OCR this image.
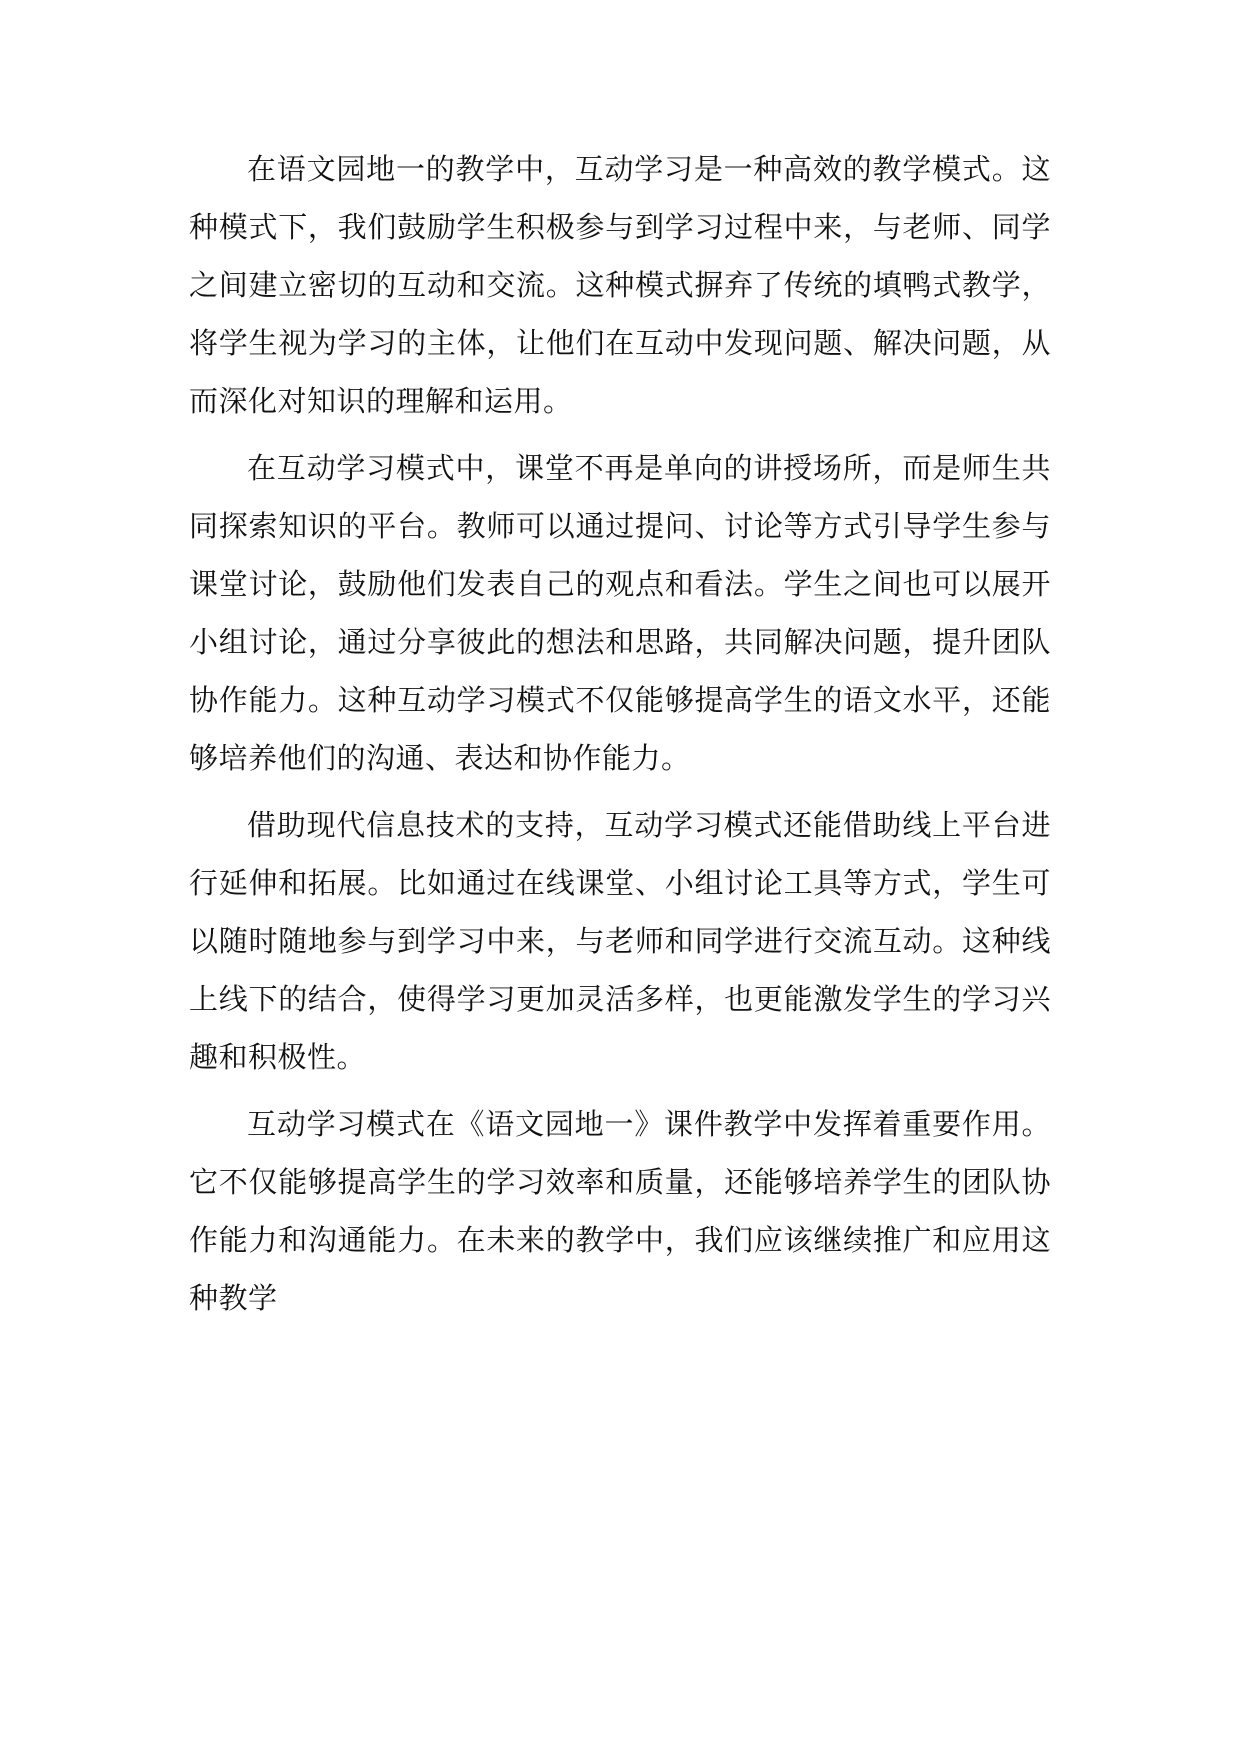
在语文园地一的教学中，互动学习是一种高效的教学模式。这种模式下，我们鼓励学生积极参与到学习过程中来，与老师、同学之间建立密切的互动和交流。这种模式摒弃了传统的填鸭式教学，将学生视为学习的主体，让他们在互动中发现问题、解决问题，从而深化对知识的理解和运用。

在互动学习模式中，课堂不再是单向的讲授场所，而是师生共同探索知识的平台。教师可以通过提问、讨论等方式引导学生参与课堂讨论，鼓励他们发表自己的观点和看法。学生之间也可以展开小组讨论，通过分享彼此的想法和思路，共同解决问题，提升团队协作能力。这种互动学习模式不仅能够提高学生的语文水平，还能够培养他们的沟通、表达和协作能力。

借助现代信息技术的支持，互动学习模式还能借助线上平台进行延伸和拓展。比如通过在线课堂、小组讨论工具等方式，学生可以随时随地参与到学习中来，与老师和同学进行交流互动。这种线上线下的结合，使得学习更加灵活多样，也更能激发学生的学习兴趣和积极性。

互动学习模式在《语文园地一》课件教学中发挥着重要作用。它不仅能够提高学生的学习效率和质量，还能够培养学生的团队协作能力和沟通能力。在未来的教学中，我们应该继续推广和应用这种教学
